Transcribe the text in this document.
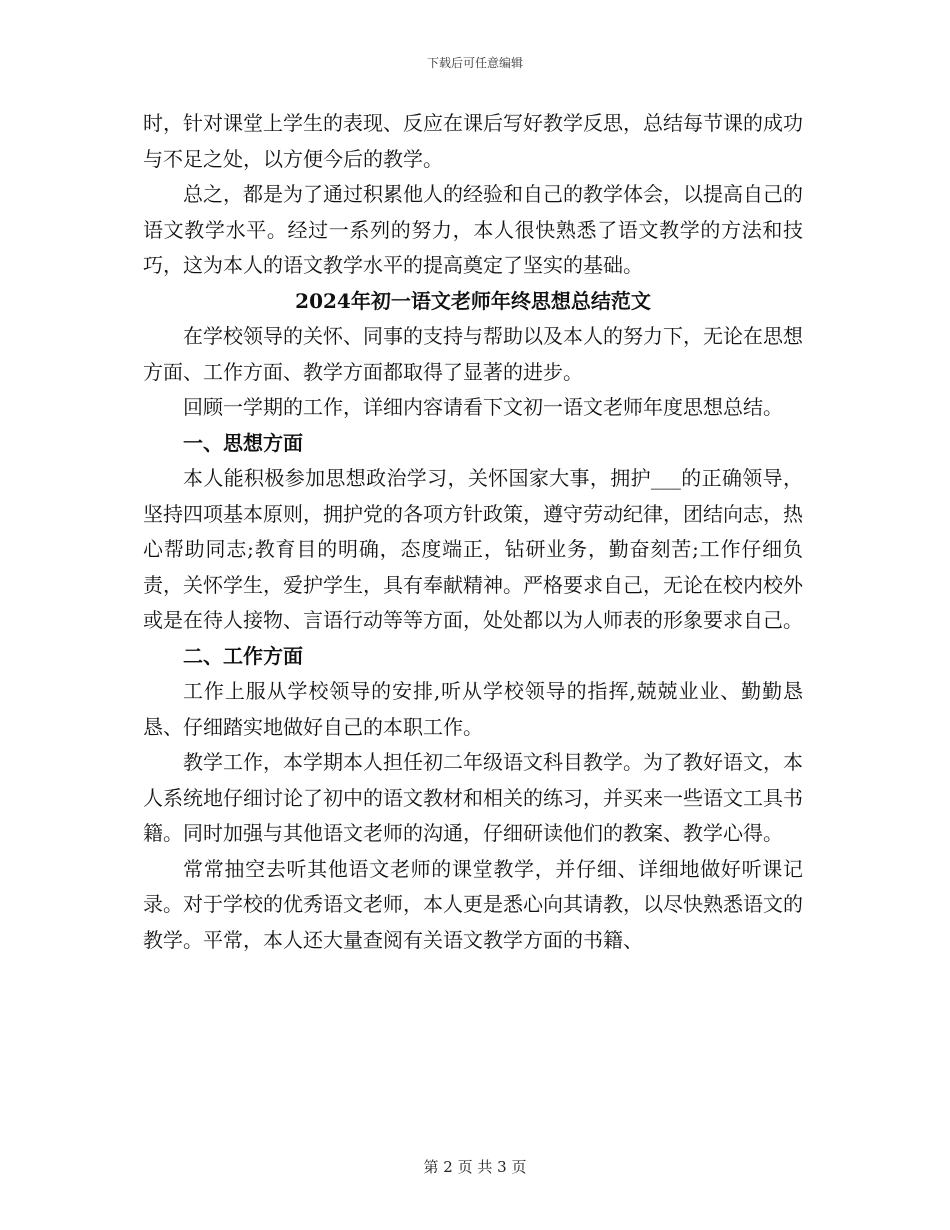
下载后可任意编辑

时，针对课堂上学生的表现、反应在课后写好教学反思，总结每节课的成功与不足之处，以方便今后的教学。

总之，都是为了通过积累他人的经验和自己的教学体会，以提高自己的语文教学水平。经过一系列的努力，本人很快熟悉了语文教学的方法和技巧，这为本人的语文教学水平的提高奠定了坚实的基础。

2024年初一语文老师年终思想总结范文

在学校领导的关怀、同事的支持与帮助以及本人的努力下，无论在思想方面、工作方面、教学方面都取得了显著的进步。

回顾一学期的工作，详细内容请看下文初一语文老师年度思想总结。

一、思想方面

本人能积极参加思想政治学习，关怀国家大事，拥护___的正确领导，坚持四项基本原则，拥护党的各项方针政策，遵守劳动纪律，团结向志，热心帮助同志;教育目的明确，态度端正，钻研业务，勤奋刻苦;工作仔细负责，关怀学生，爱护学生，具有奉献精神。严格要求自己，无论在校内校外或是在待人接物、言语行动等等方面，处处都以为人师表的形象要求自己。

二、工作方面

工作上服从学校领导的安排,听从学校领导的指挥,兢兢业业、勤勤恳恳、仔细踏实地做好自己的本职工作。

教学工作，本学期本人担任初二年级语文科目教学。为了教好语文，本人系统地仔细讨论了初中的语文教材和相关的练习，并买来一些语文工具书籍。同时加强与其他语文老师的沟通，仔细研读他们的教案、教学心得。

常常抽空去听其他语文老师的课堂教学，并仔细、详细地做好听课记录。对于学校的优秀语文老师，本人更是悉心向其请教，以尽快熟悉语文的教学。平常，本人还大量查阅有关语文教学方面的书籍、

第 2 页 共 3 页
